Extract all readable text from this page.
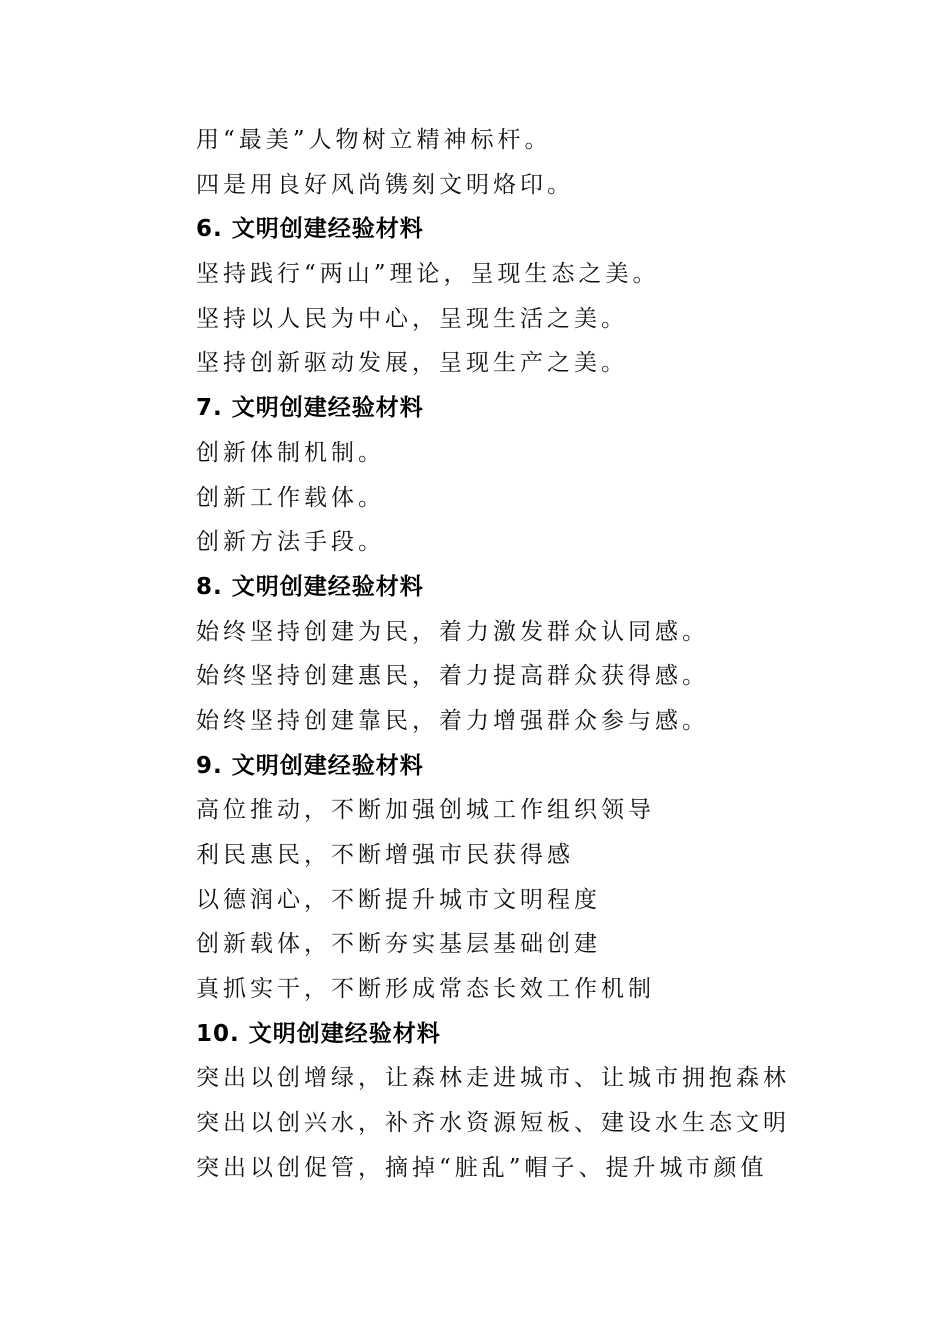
用“最美”人物树立精神标杆。
四是用良好风尚镌刻文明烙印。
6. 文明创建经验材料
坚持践行“两山”理论，呈现生态之美。
坚持以人民为中心，呈现生活之美。
坚持创新驱动发展，呈现生产之美。
7. 文明创建经验材料
创新体制机制。
创新工作载体。
创新方法手段。
8. 文明创建经验材料
始终坚持创建为民，着力激发群众认同感。
始终坚持创建惠民，着力提高群众获得感。
始终坚持创建靠民，着力增强群众参与感。
9. 文明创建经验材料
高位推动，不断加强创城工作组织领导
利民惠民，不断增强市民获得感
以德润心，不断提升城市文明程度
创新载体，不断夯实基层基础创建
真抓实干，不断形成常态长效工作机制
10. 文明创建经验材料
突出以创增绿，让森林走进城市、让城市拥抱森林
突出以创兴水，补齐水资源短板、建设水生态文明
突出以创促管，摘掉“脏乱”帽子、提升城市颜值
